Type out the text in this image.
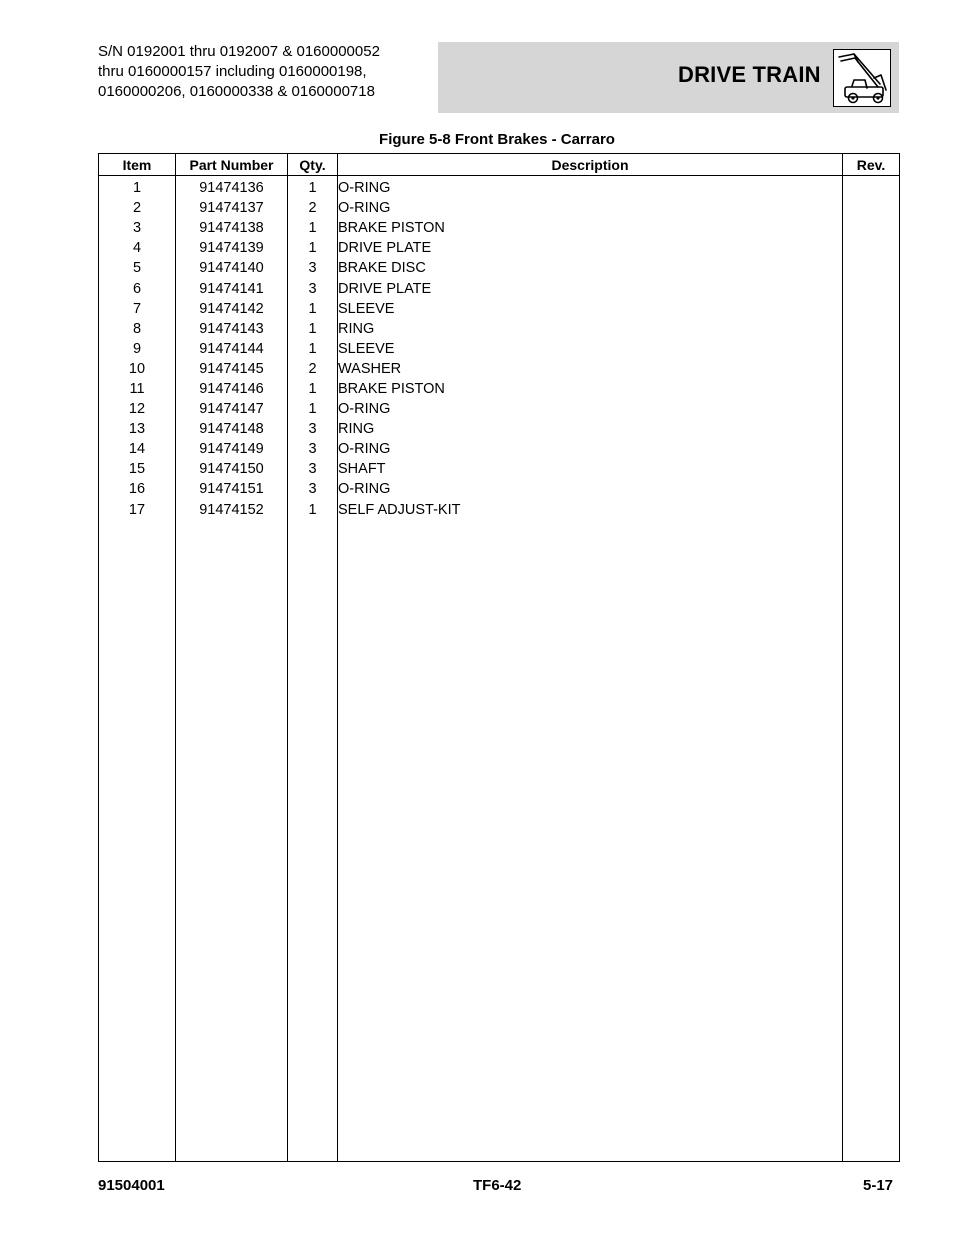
S/N 0192001 thru 0192007 & 0160000052
thru 0160000157 including 0160000198,
0160000206, 0160000338 & 0160000718
DRIVE TRAIN
Figure 5-8 Front Brakes - Carraro
Item	Part Number	Qty.	Description	Rev.
1	91474136	1	O-RING	
2	91474137	2	O-RING	
3	91474138	1	BRAKE PISTON	
4	91474139	1	DRIVE PLATE	
5	91474140	3	BRAKE DISC	
6	91474141	3	DRIVE PLATE	
7	91474142	1	SLEEVE	
8	91474143	1	RING	
9	91474144	1	SLEEVE	
10	91474145	2	WASHER	
11	91474146	1	BRAKE PISTON	
12	91474147	1	O-RING	
13	91474148	3	RING	
14	91474149	3	O-RING	
15	91474150	3	SHAFT	
16	91474151	3	O-RING	
17	91474152	1	SELF ADJUST-KIT	

91504001	TF6-42	5-17
